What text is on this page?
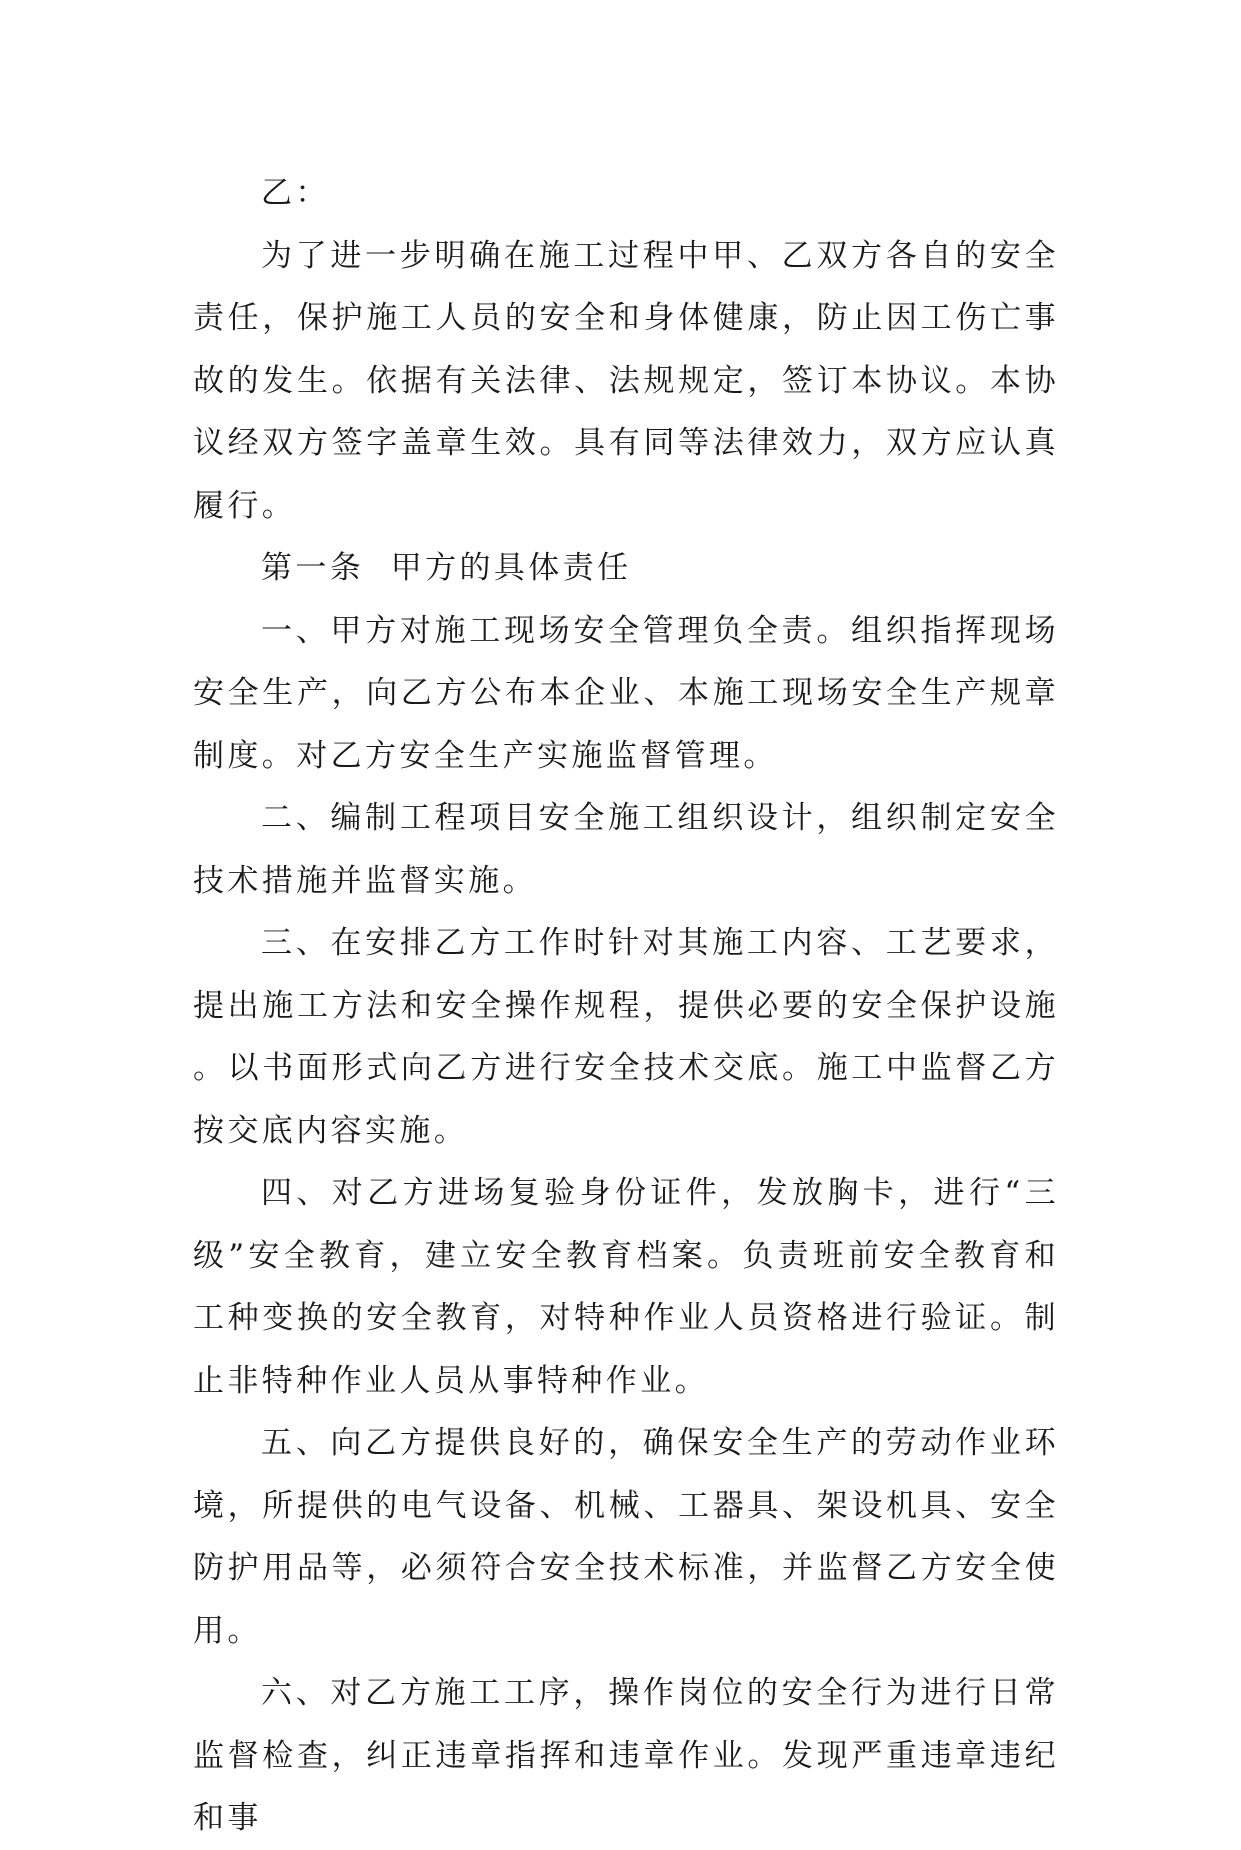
乙：

为了进一步明确在施工过程中甲、乙双方各自的安全责任，保护施工人员的安全和身体健康，防止因工伤亡事故的发生。依据有关法律、法规规定，签订本协议。本协议经双方签字盖章生效。具有同等法律效力，双方应认真履行。

第一条  甲方的具体责任

一、甲方对施工现场安全管理负全责。组织指挥现场安全生产，向乙方公布本企业、本施工现场安全生产规章制度。对乙方安全生产实施监督管理。

二、编制工程项目安全施工组织设计，组织制定安全技术措施并监督实施。

三、在安排乙方工作时针对其施工内容、工艺要求，提出施工方法和安全操作规程，提供必要的安全保护设施。以书面形式向乙方进行安全技术交底。施工中监督乙方按交底内容实施。

四、对乙方进场复验身份证件，发放胸卡，进行“三级”安全教育，建立安全教育档案。负责班前安全教育和工种变换的安全教育，对特种作业人员资格进行验证。制止非特种作业人员从事特种作业。

五、向乙方提供良好的，确保安全生产的劳动作业环境，所提供的电气设备、机械、工器具、架设机具、安全防护用品等，必须符合安全技术标准，并监督乙方安全使用。

六、对乙方施工工序，操作岗位的安全行为进行日常监督检查，纠正违章指挥和违章作业。发现严重违章违纪和事
